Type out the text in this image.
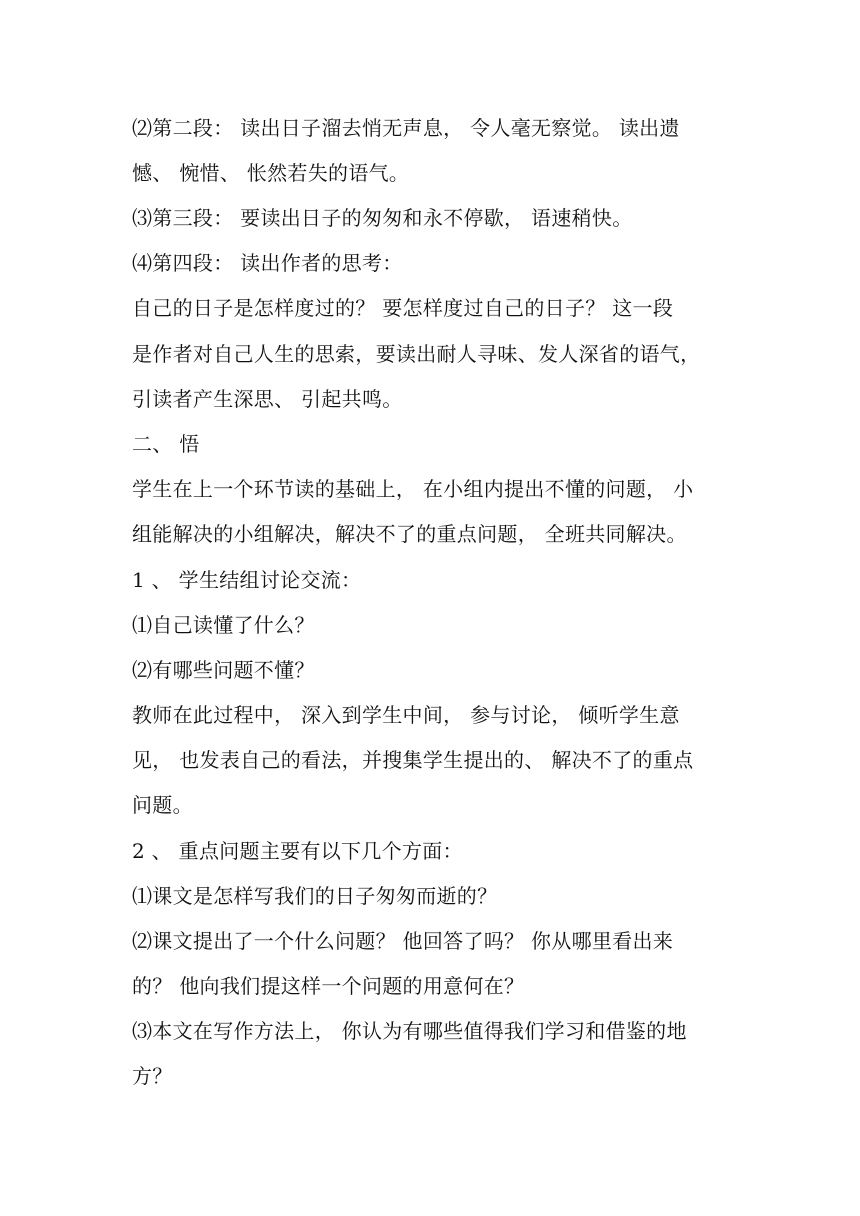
⑵第二段： 读出日子溜去悄无声息， 令人毫无察觉。 读出遗
憾、 惋惜、 怅然若失的语气。
⑶第三段： 要读出日子的匆匆和永不停歇， 语速稍快。
⑷第四段： 读出作者的思考：
自己的日子是怎样度过的？ 要怎样度过自己的日子？ 这一段
是作者对自己人生的思索，要读出耐人寻味、发人深省的语气，
引读者产生深思、 引起共鸣。
二、 悟
学生在上一个环节读的基础上， 在小组内提出不懂的问题， 小
组能解决的小组解决，解决不了的重点问题， 全班共同解决。
1 、 学生结组讨论交流：
⑴自己读懂了什么？
⑵有哪些问题不懂？
教师在此过程中， 深入到学生中间， 参与讨论， 倾听学生意
见， 也发表自己的看法，并搜集学生提出的、 解决不了的重点
问题。
2 、 重点问题主要有以下几个方面：
⑴课文是怎样写我们的日子匆匆而逝的？
⑵课文提出了一个什么问题？ 他回答了吗？ 你从哪里看出来
的？ 他向我们提这样一个问题的用意何在？
⑶本文在写作方法上， 你认为有哪些值得我们学习和借鉴的地
方？
